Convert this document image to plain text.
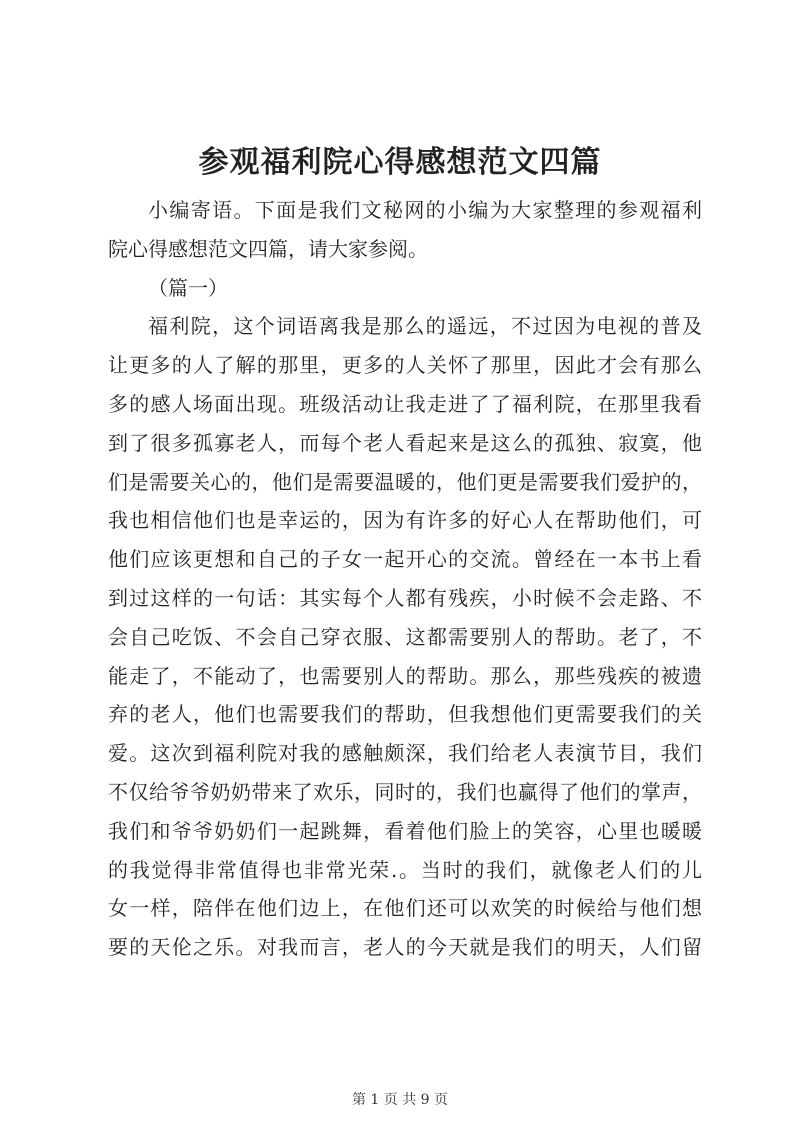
参观福利院心得感想范文四篇
小编寄语。下面是我们文秘网的小编为大家整理的参观福利
院心得感想范文四篇，请大家参阅。
（篇一）
福利院，这个词语离我是那么的遥远，不过因为电视的普及
让更多的人了解的那里，更多的人关怀了那里，因此才会有那么
多的感人场面出现。班级活动让我走进了了福利院，在那里我看
到了很多孤寡老人，而每个老人看起来是这么的孤独、寂寞，他
们是需要关心的，他们是需要温暖的，他们更是需要我们爱护的，
我也相信他们也是幸运的，因为有许多的好心人在帮助他们，可
他们应该更想和自己的子女一起开心的交流。曾经在一本书上看
到过这样的一句话：其实每个人都有残疾，小时候不会走路、不
会自己吃饭、不会自己穿衣服、这都需要别人的帮助。老了，不
能走了，不能动了，也需要别人的帮助。那么，那些残疾的被遗
弃的老人，他们也需要我们的帮助，但我想他们更需要我们的关
爱。这次到福利院对我的感触颇深，我们给老人表演节目，我们
不仅给爷爷奶奶带来了欢乐，同时的，我们也赢得了他们的掌声，
我们和爷爷奶奶们一起跳舞，看着他们脸上的笑容，心里也暖暖
的我觉得非常值得也非常光荣.。当时的我们，就像老人们的儿
女一样，陪伴在他们边上，在他们还可以欢笑的时候给与他们想
要的天伦之乐。对我而言，老人的今天就是我们的明天，人们留
第 1 页 共 9 页
